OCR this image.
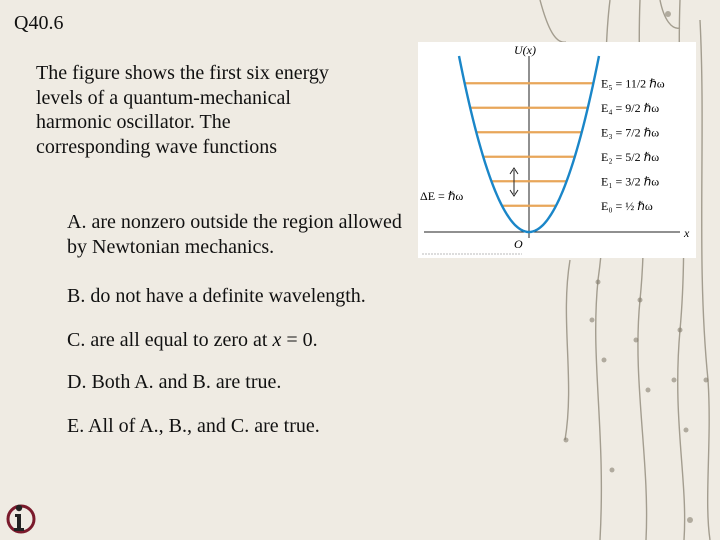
Q40.6
The figure shows the first six energy levels of a quantum-mechanical harmonic oscillator. The corresponding wave functions
A. are nonzero outside the region allowed by Newtonian mechanics.
B. do not have a definite wavelength.
C. are all equal to zero at x = 0.
D. Both A. and B. are true.
E. All of A., B., and C. are true.
U(x)
x
O
ΔE = ℏω
E₀ = ½ ℏω
E₁ = 3/2 ℏω
E₂ = 5/2 ℏω
E₃ = 7/2 ℏω
E₄ = 9/2 ℏω
E₅ = 11/2 ℏω
